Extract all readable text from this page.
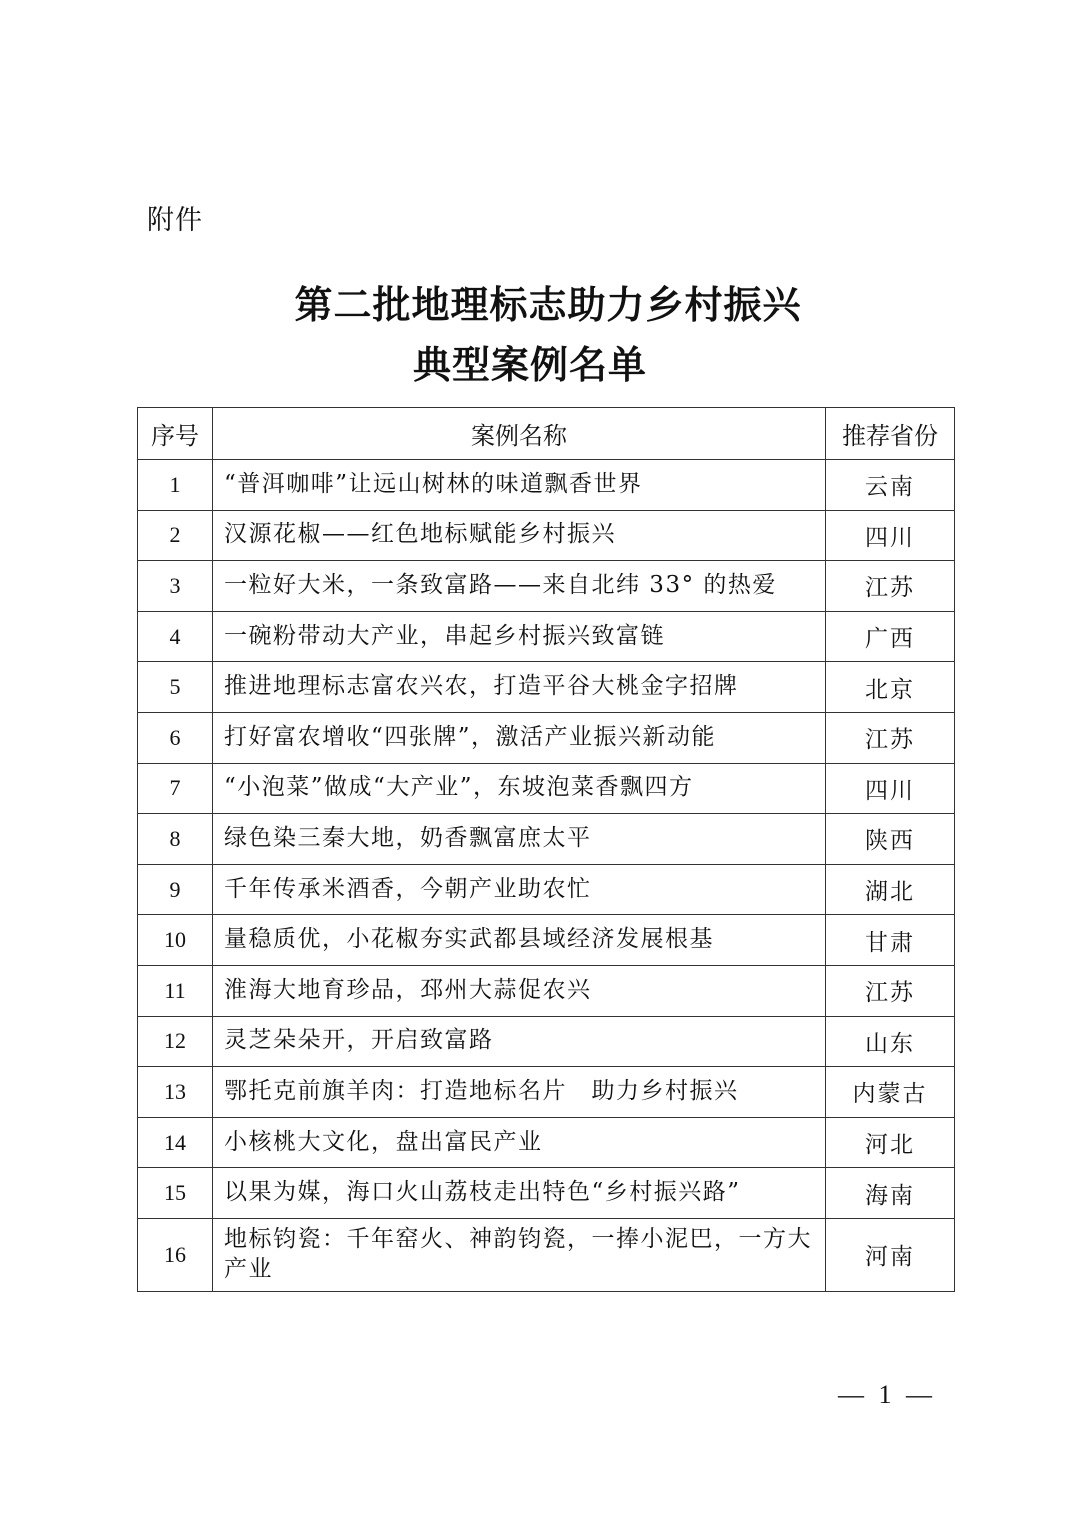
附件
第二批地理标志助力乡村振兴
典型案例名单
序号	案例名称	推荐省份
1	“普洱咖啡”让远山树林的味道飘香世界	云南
2	汉源花椒——红色地标赋能乡村振兴	四川
3	一粒好大米，一条致富路——来自北纬 33° 的热爱	江苏
4	一碗粉带动大产业，串起乡村振兴致富链	广西
5	推进地理标志富农兴农，打造平谷大桃金字招牌	北京
6	打好富农增收“四张牌”，激活产业振兴新动能	江苏
7	“小泡菜”做成“大产业”，东坡泡菜香飘四方	四川
8	绿色染三秦大地，奶香飘富庶太平	陕西
9	千年传承米酒香，今朝产业助农忙	湖北
10	量稳质优，小花椒夯实武都县域经济发展根基	甘肃
11	淮海大地育珍品，邳州大蒜促农兴	江苏
12	灵芝朵朵开，开启致富路	山东
13	鄂托克前旗羊肉：打造地标名片　助力乡村振兴	内蒙古
14	小核桃大文化，盘出富民产业	河北
15	以果为媒，海口火山荔枝走出特色“乡村振兴路”	海南
16	地标钧瓷：千年窑火、神韵钧瓷，一捧小泥巴，一方大产业	河南
— 1 —
